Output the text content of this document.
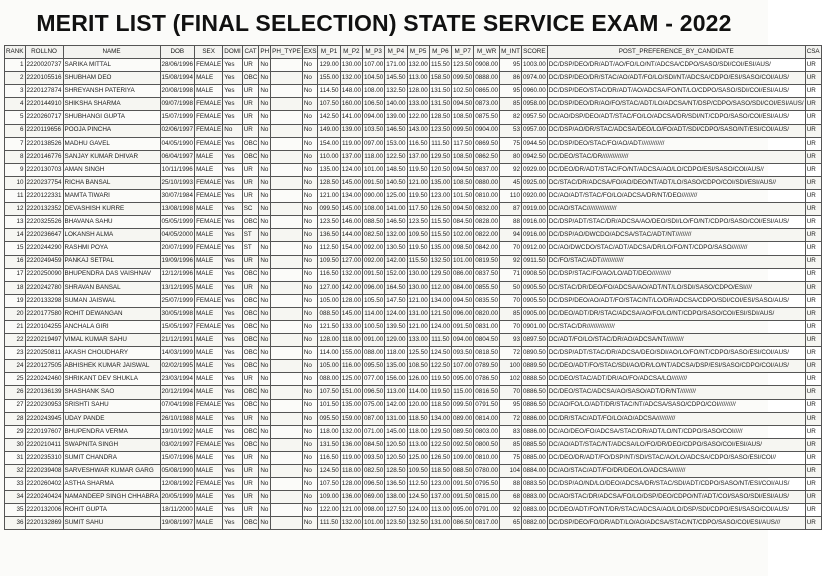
MERIT LIST (FINAL SELECTION) STATE SERVICE EXAM - 2022
RANK	ROLLNO	NAME	DOB	SEX	DOMI	CAT	PH	PH_TYPE	EXS	M_P1	M_P2	M_P3	M_P4	M_P5	M_P6	M_P7	M_WR	M_INT	SCORE	POST_PREFERENCE_BY_CANDIDATE	CSA
1	2220020737	SARIKA MITTAL	28/06/1996	FEMALE	Yes	UR	No		No	129.00	130.00	107.00	171.00	132.00	115.50	123.50	0908.00	95	1003.00	DC/DSP/DEO/DR/ADT/AO/FO/LO/NT/ADCSA/CDPO/SASO/SDI/COI/ESI/AUS/	UR
2	2220105516	SHUBHAM DEO	15/08/1994	MALE	Yes	OBC	No		No	155.00	132.00	104.50	145.50	113.00	158.50	099.50	0888.00	86	0974.00	DC/DSP/DEO/DR/STAC/AO/ADT/FO/LO/SDI/NT/ADCSA/CDPO/ESI/SASO/COI/AUS/	UR
3	2220127874	SHREYANSH PATERIYA	20/08/1998	MALE	Yes	UR	No		No	114.50	148.00	108.00	132.50	128.00	131.50	102.50	0865.00	95	0960.00	DC/DSP/DEO/STAC/DR/ADT/AO/ADCSA/FO/NT/LO/CDPO/SASO/SDI/COI/ESI/AUS/	UR
4	2220144910	SHIKSHA SHARMA	09/07/1998	FEMALE	Yes	UR	No		No	107.50	160.00	106.50	140.00	133.00	131.50	094.50	0873.00	85	0958.00	DC/DSP/DEO/DR/AO/FO/STAC/ADT/LO/ADCSA/NT/DSP/CDPO/SASO/SDI/COI/ESI/AUS/	UR
5	2220260717	SHUBHANGI GUPTA	15/07/1999	FEMALE	Yes	UR	No		No	142.50	141.00	094.00	139.00	122.00	128.50	108.50	0875.50	82	0957.50	DC/AO/DSP/DEO/ADT/STAC/FO/LO/ADCSA/DR/SDI/NT/CDPO/SASO/COI/ESI/AUS/	UR
6	2220119656	POOJA PINCHA	02/06/1997	FEMALE	No	UR	No		No	149.00	139.00	103.50	146.50	143.00	123.50	099.50	0904.00	53	0957.00	DC/DSP/AO/DR/STAC/ADCSA/DEO/LO/FO/ADT/SDI/CDPO/SASO/NT/ESI/COI/AUS/	UR
7	2220138526	MADHU GAVEL	04/05/1990	FEMALE	Yes	OBC	No		No	154.00	119.00	097.00	153.00	116.50	111.50	117.50	0869.50	75	0944.50	DC/DSP/DEO/STAC/FO/AO/ADT/////////////	UR
8	2220146776	SANJAY KUMAR DHIVAR	06/04/1997	MALE	Yes	OBC	No		No	110.00	137.00	118.00	122.50	137.00	129.50	108.50	0862.50	80	0942.50	DC/DEO/STAC/DR///////////////	UR
9	2220130703	AMAN SINGH	10/11/1996	MALE	Yes	UR	No		No	135.00	124.00	101.00	148.50	119.50	120.50	094.50	0837.00	92	0929.00	DC/DEO/DR/ADT/STAC/FO/NT/ADCSA/AO/LO/CDPO/ESI/SASO/COI/AUS//	UR
10	2220237754	RICHA BANSAL	25/10/1993	FEMALE	Yes	UR	No		No	128.50	145.00	091.50	140.50	121.00	135.00	108.50	0880.00	45	0925.00	DC/STAC/DR/ADCSA/FO/AO/DEO/NT/ADT/LO/SASO/CDPO/COI/SDI/ESI/AUS//	UR
11	2220122331	MAMTA TIWARI	30/07/1984	FEMALE	Yes	UR	No		No	121.00	134.00	090.00	125.00	119.50	123.00	101.50	0810.00	110	0920.00	DC/AO/ADT/STAC/FO/LO/ADCSA/DR/NT/DEO/////////	UR
12	2220132352	DEVASHISH KURRE	13/08/1998	MALE	Yes	SC	No		No	099.50	145.00	108.00	141.00	117.50	126.50	094.50	0832.00	87	0919.00	DC/AO/STAC/////////////////	UR
13	2220325526	BHAVANA SAHU	05/05/1999	FEMALE	Yes	OBC	No		No	123.50	146.00	088.50	146.50	123.50	115.50	084.50	0828.00	88	0916.00	DC/DSP/ADT/STAC/DR/ADCSA/AO/DEO/SDI/LO/FO/NT/CDPO/SASO/COI/ESI/AUS/	UR
14	2220236647	LOKANSH ALMA	04/05/2000	MALE	Yes	ST	No		No	136.50	144.00	082.50	132.00	109.50	115.50	102.00	0822.00	94	0916.00	DC/DSP/AO/DWCDO/ADCSA/STAC/ADT/NT/////////	UR
15	2220244290	RASHMI POYA	20/07/1999	FEMALE	Yes	ST	No		No	112.50	154.00	092.00	130.50	119.50	135.00	098.50	0842.00	70	0912.00	DC/AO/DWCDO/STAC/ADT/ADCSA/DR/LO/FO/NT/CDPO/SASO/////////	UR
16	2220249459	PANKAJ SETPAL	19/09/1996	MALE	Yes	UR	No		No	109.50	127.00	092.00	142.00	115.50	132.50	101.00	0819.50	92	0911.50	DC/FO/STAC/ADT/////////////	UR
17	2220250090	BHUPENDRA DAS VAISHNAV	12/12/1996	MALE	Yes	OBC	No		No	116.50	132.00	091.50	152.00	130.00	129.50	086.00	0837.50	71	0908.50	DC/DSP/STAC/FO/AO/LO/ADT/DEO///////////	UR
18	2220242780	SHRAVAN BANSAL	13/12/1995	MALE	Yes	UR	No		No	127.00	142.00	096.00	164.50	130.00	112.00	084.00	0855.50	50	0905.50	DC/STAC/DR/DEO/FO/ADCSA/AO/ADT/NT/LO/SDI/SASO/CDPO/ESI////	UR
19	2220133298	SUMAN JAISWAL	25/07/1999	FEMALE	Yes	OBC	No		No	105.00	128.00	105.50	147.50	121.00	134.00	094.50	0835.50	70	0905.50	DC/DSP/DEO/AO/ADT/FO/STAC/NT/LO/DR/ADCSA/CDPO/SDI/COI/ESI/SASO/AUS/	UR
20	2220177580	ROHIT DEWANGAN	30/05/1998	MALE	Yes	OBC	No		No	088.50	145.00	114.00	124.00	131.00	121.50	096.00	0820.00	85	0905.00	DC/DEO/ADT/DR/STAC/ADCSA/AO/FO/LO/NT/CDPO/SASO/COI/ESI/SDI/AUS/	UR
21	2220104255	ANCHALA GIRI	15/05/1997	FEMALE	Yes	OBC	No		No	121.50	133.00	100.50	139.50	121.00	124.00	091.50	0831.00	70	0901.00	DC/STAC/DR////////////////	UR
22	2220219497	VIMAL KUMAR SAHU	21/12/1991	MALE	Yes	OBC	No		No	128.00	118.00	091.00	129.00	133.00	111.50	094.00	0804.50	93	0897.50	DC/ADT/FO/LO/STAC/DR/AO/ADCSA/NT//////////	UR
23	2220250811	AKASH CHOUDHARY	14/03/1999	MALE	Yes	OBC	No		No	114.00	155.00	088.00	118.00	125.50	124.50	093.50	0818.50	72	0890.50	DC/DSP/ADT/STAC/DR/ADCSA/DEO/SDI/AO/LO/FO/NT/CDPO/SASO/ESI/COI/AUS/	UR
24	2220127505	ABHISHEK KUMAR JAISWAL	02/02/1995	MALE	Yes	OBC	No		No	105.00	116.00	095.50	135.00	108.50	122.50	107.00	0789.50	100	0889.50	DC/DEO/ADT/FO/STAC/SDI/AO/DR/LO/NT/ADCSA/DSP/ESI/SASO/CDPO/COI/AUS/	UR
25	2220242460	SHRIKANT DEV SHUKLA	23/03/1994	MALE	Yes	UR	No		No	088.00	125.00	077.00	156.00	126.00	119.50	095.00	0786.50	102	0888.50	DC/DEO/STAC/ADT/DR/AO/FO/ADCSA/LO/////////	UR
26	2220136139	SHASHANK SAO	20/12/1994	MALE	Yes	OBC	No		No	107.50	151.00	096.50	113.00	114.00	119.50	115.00	0816.50	70	0886.50	DC/DEO/STAC/ADCSA/AO/SASO/ADT/DR/NT/////////	UR
27	2220230953	SRISHTI SAHU	07/04/1998	FEMALE	Yes	OBC	No		No	101.50	135.00	075.00	142.00	120.00	118.50	099.50	0791.50	95	0886.50	DC/AO/FO/LO/ADT/DR/STAC/NT/ADCSA/SASO/CDPO/COI//////////	UR
28	2220243945	UDAY PANDE	26/10/1988	MALE	Yes	UR	No		No	095.50	159.00	087.00	131.00	118.50	134.00	089.00	0814.00	72	0886.00	DC/DR/STAC/ADT/FO/LO/AO/ADCSA///////////	UR
29	2220197607	BHUPENDRA VERMA	19/10/1992	MALE	Yes	OBC	No		No	118.00	132.00	071.00	145.00	118.00	129.50	089.50	0803.00	83	0886.00	DC/AO/DEO/FO/ADCSA/STAC/DR/ADT/LO/NT/CDPO/SASO/COI/////	UR
30	2220210411	SWAPNITA SINGH	03/02/1997	FEMALE	Yes	OBC	No		No	131.50	136.00	084.50	120.50	113.00	122.50	092.50	0800.50	85	0885.50	DC/AO/ADT/STAC/NT/ADCSA/LO/FO/DR/DEO/CDPO/SASO/COI/ESI/AUS/	UR
31	2220235310	SUMIT CHANDRA	15/07/1996	MALE	Yes	UR	No		No	116.50	119.00	093.50	120.50	125.00	126.50	109.00	0810.00	75	0885.00	DC/DEO/DR/ADT/FO/DSP/NT/SDI/STAC/AO/LO/ADCSA/CDPO/SASO/ESI/COI//	UR
32	2220239408	SARVESHWAR KUMAR GARG	05/08/1990	MALE	Yes	UR	No		No	124.50	118.00	082.50	128.50	109.50	118.50	088.50	0780.00	104	0884.00	DC/AO/STAC/ADT/FO/DR/DEO/LO/ADCSA////////	UR
33	2220260402	ASTHA SHARMA	12/08/1992	FEMALE	Yes	UR	No		No	107.50	128.00	096.50	136.50	112.50	123.00	091.50	0795.50	88	0883.50	DC/DSP/AO/ND/LO/DEO/ADCSA/DR/STAC/SDI/ADT/CDPO/SASO/NT/ESI/COI/AUS/	UR
34	2220240424	NAMANDEEP SINGH CHHABRA	20/05/1999	MALE	Yes	UR	No		No	109.00	136.00	069.00	138.00	124.50	137.00	091.50	0815.00	68	0883.00	DC/AO/STAC/DR/ADCSA/FO/LO/DSP/DEO/CDPO/NT/ADT/COI/SASO/SDI/ESI/AUS/	UR
35	2220132006	ROHIT GUPTA	18/11/2000	MALE	Yes	UR	No		No	122.00	121.00	098.00	127.50	124.00	113.00	095.00	0791.00	92	0883.00	DC/DEO/ADT/FO/NT/DR/STAC/ADCSA/AO/LO/DSP/SDI/CDPO/ESI/SASO/COI/AUS/	UR
36	2220132869	SUMIT SAHU	19/08/1997	MALE	Yes	OBC	No		No	111.50	132.00	101.00	123.50	132.50	131.00	086.50	0817.00	65	0882.00	DC/DSP/DEO/FO/DR/ADT/LO/AO/ADCSA/STAC/NT/CDPO/SASO/COI/ESI/AUS///	UR
